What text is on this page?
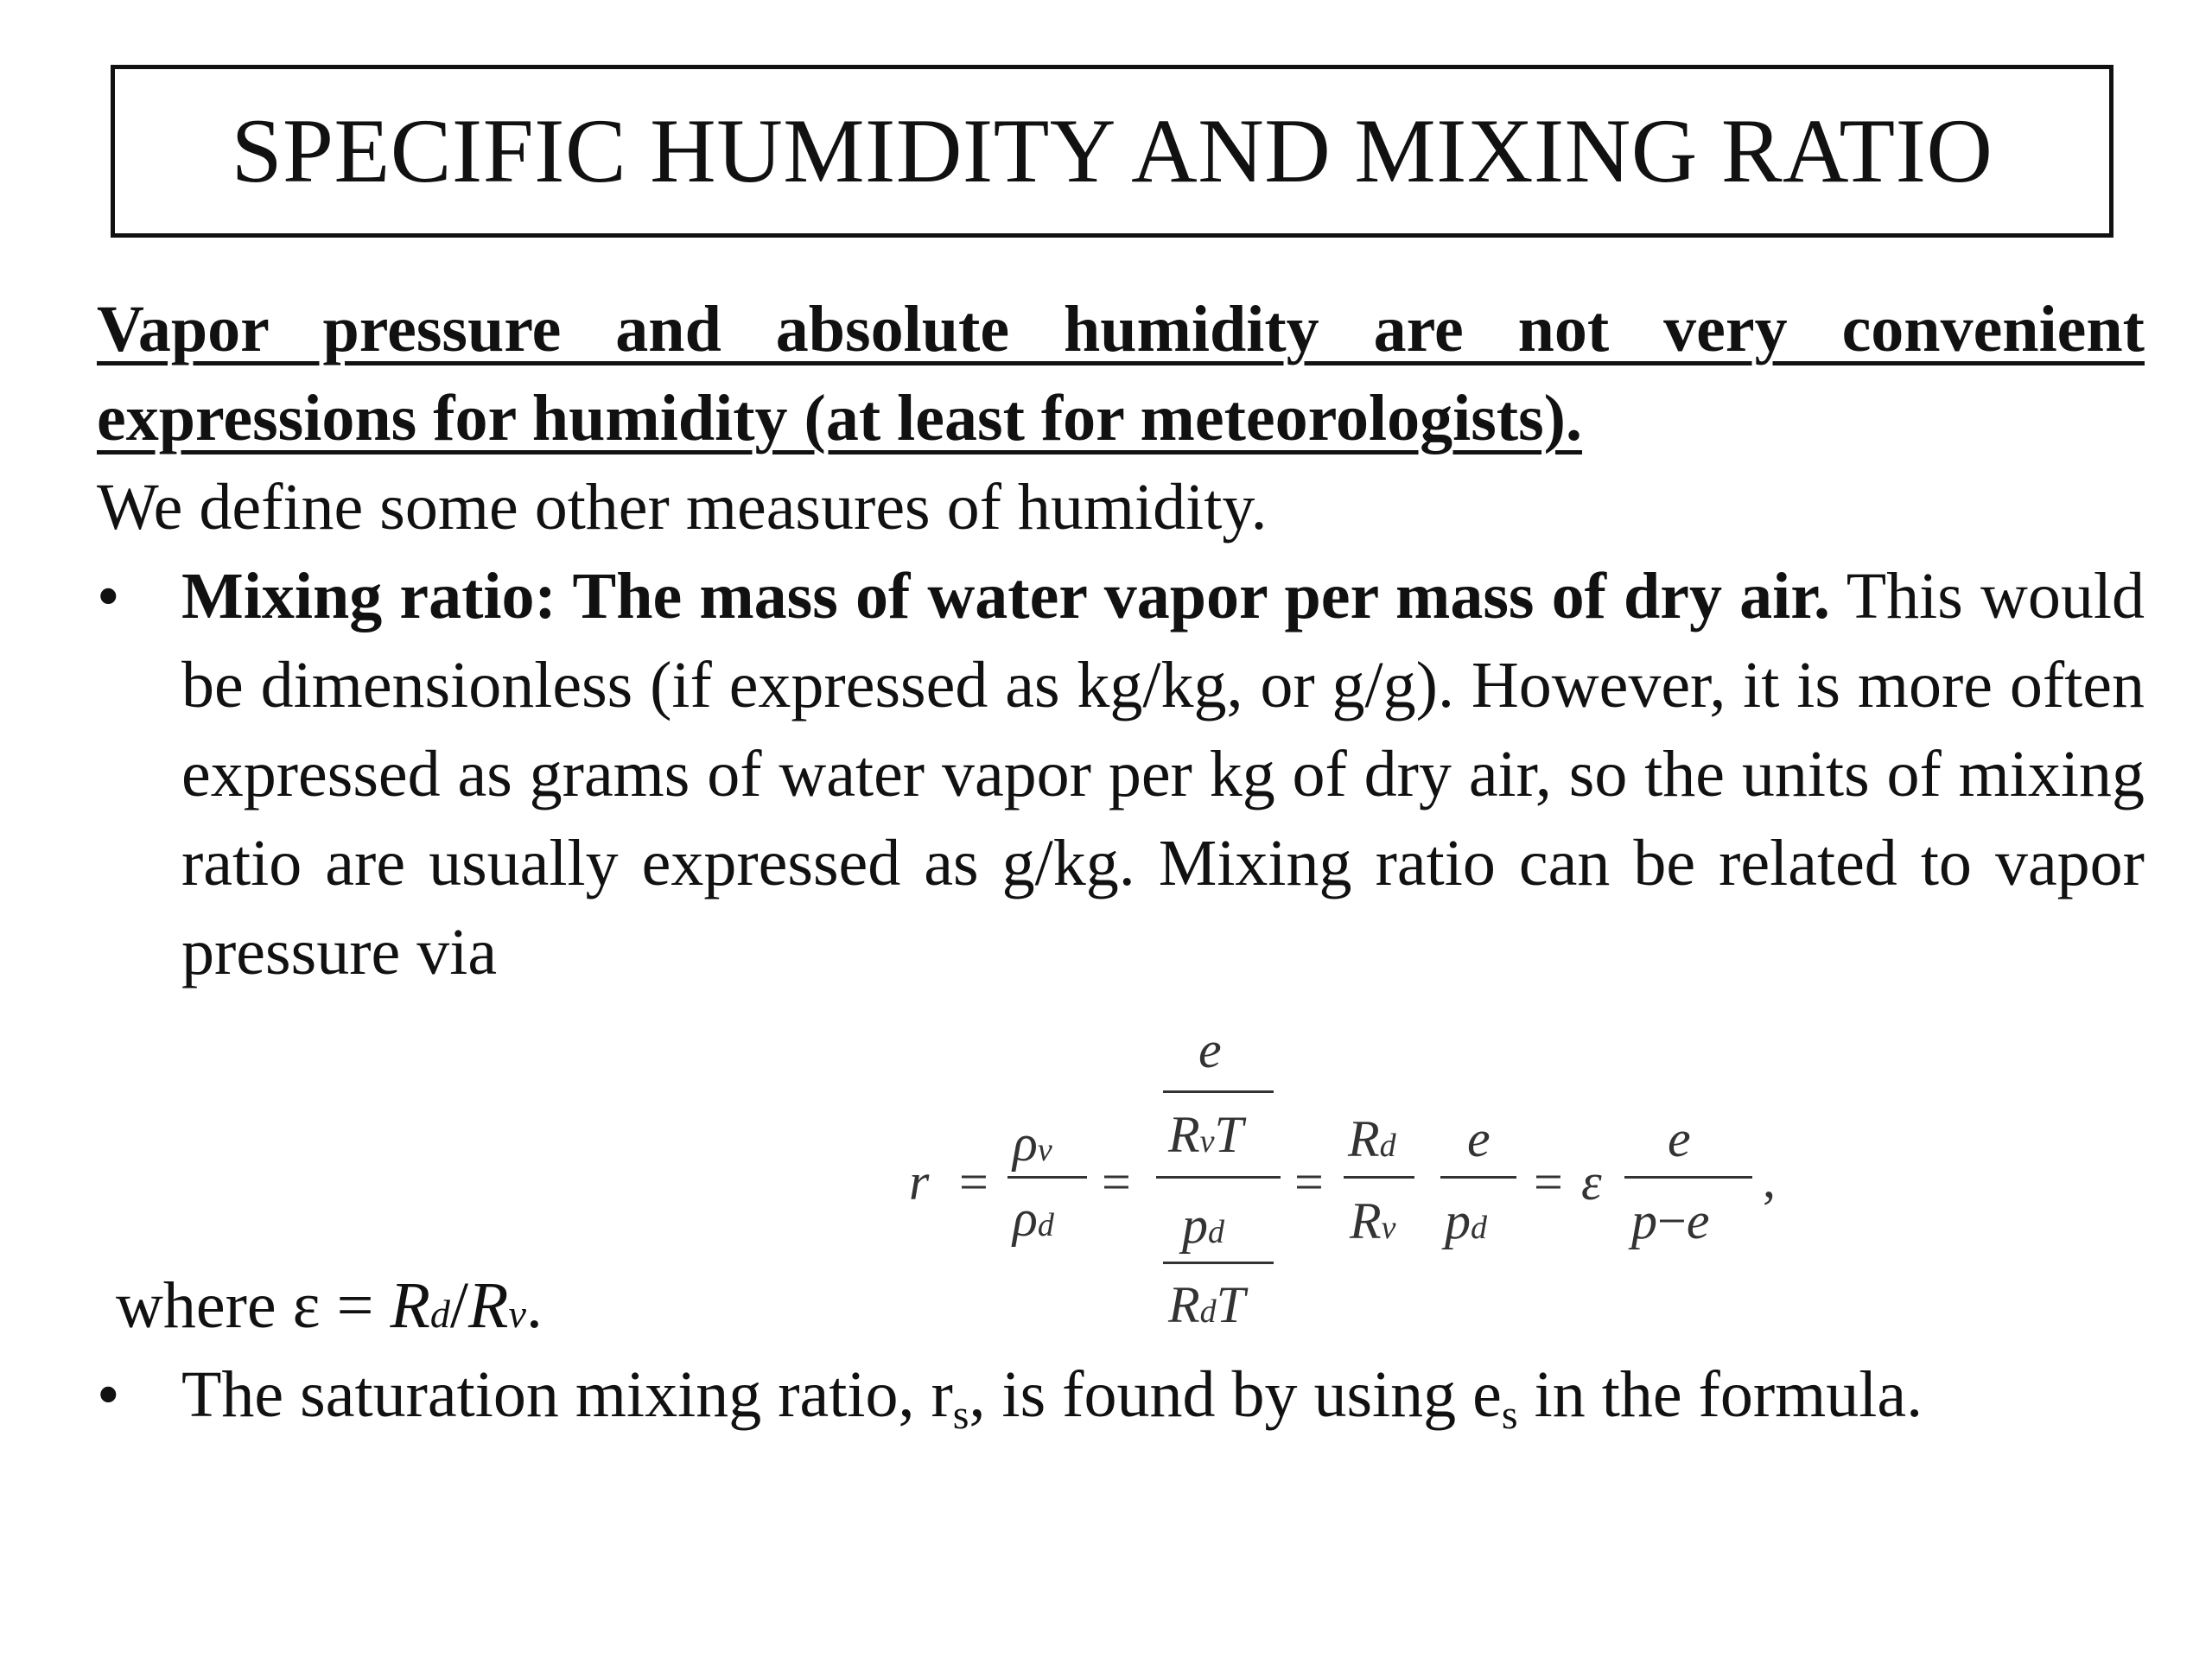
SPECIFIC HUMIDITY AND MIXING RATIO
Vapor pressure and absolute humidity are not very convenient expressions for humidity (at least for meteorologists).
We define some other measures of humidity.
• Mixing ratio: The mass of water vapor per mass of dry air. This would be dimensionless (if expressed as kg/kg, or g/g). However, it is more often expressed as grams of water vapor per kg of dry air, so the units of mixing ratio are usually expressed as g/kg. Mixing ratio can be related to vapor pressure via
r =
ρv
ρd
=
e
RvT
pd
RdT
=
Rd
Rv
e
pd
= ε
e
p−e
,
where ε = Rd/Rv.
• The saturation mixing ratio, $r_s$, is found by using $e_s$ in the formula.
